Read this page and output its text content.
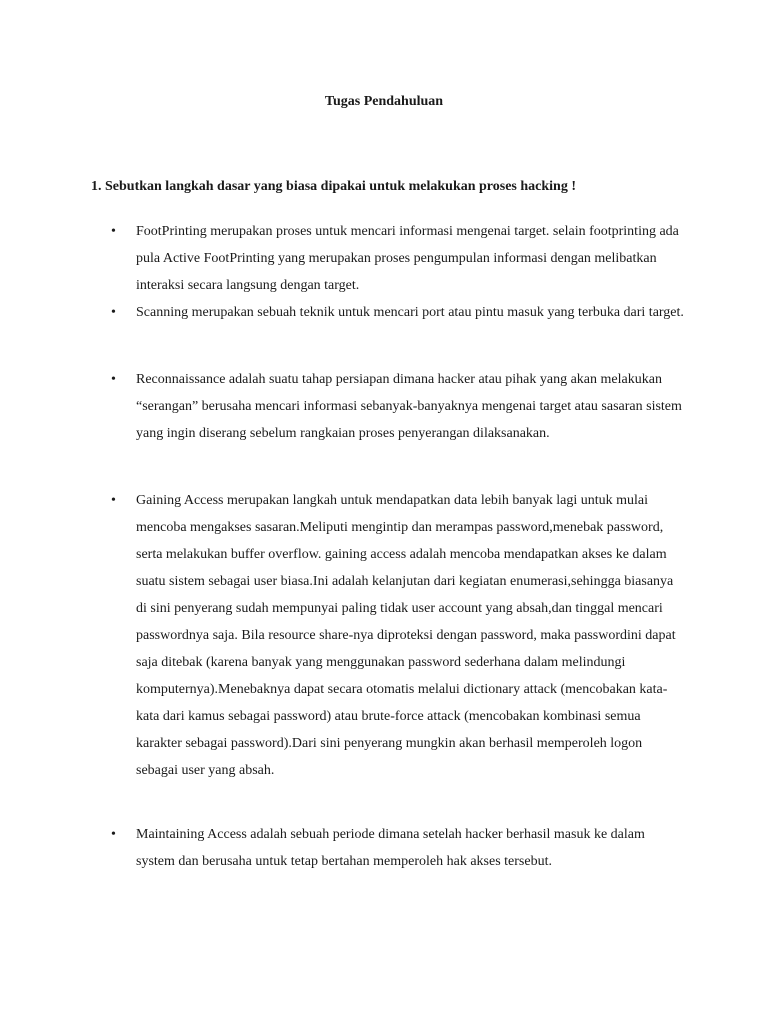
Tugas Pendahuluan
1. Sebutkan langkah dasar yang biasa dipakai untuk melakukan proses hacking !
• FootPrinting merupakan proses untuk mencari informasi mengenai target. selain footprinting ada pula Active FootPrinting yang merupakan proses pengumpulan informasi dengan melibatkan interaksi secara langsung dengan target.
• Scanning merupakan sebuah teknik untuk mencari port atau pintu masuk yang terbuka dari target.
• Reconnaissance adalah suatu tahap persiapan dimana hacker atau pihak yang akan melakukan “serangan” berusaha mencari informasi sebanyak-banyaknya mengenai target atau sasaran sistem yang ingin diserang sebelum rangkaian proses penyerangan dilaksanakan.
• Gaining Access merupakan langkah untuk mendapatkan data lebih banyak lagi untuk mulai mencoba mengakses sasaran.Meliputi mengintip dan merampas password,menebak password, serta melakukan buffer overflow. gaining access adalah mencoba mendapatkan akses ke dalam suatu sistem sebagai user biasa.Ini adalah kelanjutan dari kegiatan enumerasi,sehingga biasanya di sini penyerang sudah mempunyai paling tidak user account yang absah,dan tinggal mencari passwordnya saja. Bila resource share-nya diproteksi dengan password, maka passwordini dapat saja ditebak (karena banyak yang menggunakan password sederhana dalam melindungi komputernya).Menebaknya dapat secara otomatis melalui dictionary attack (mencobakan kata-kata dari kamus sebagai password) atau brute-force attack (mencobakan kombinasi semua karakter sebagai password).Dari sini penyerang mungkin akan berhasil memperoleh logon sebagai user yang absah.
• Maintaining Access adalah sebuah periode dimana setelah hacker berhasil masuk ke dalam system dan berusaha untuk tetap bertahan memperoleh hak akses tersebut.
